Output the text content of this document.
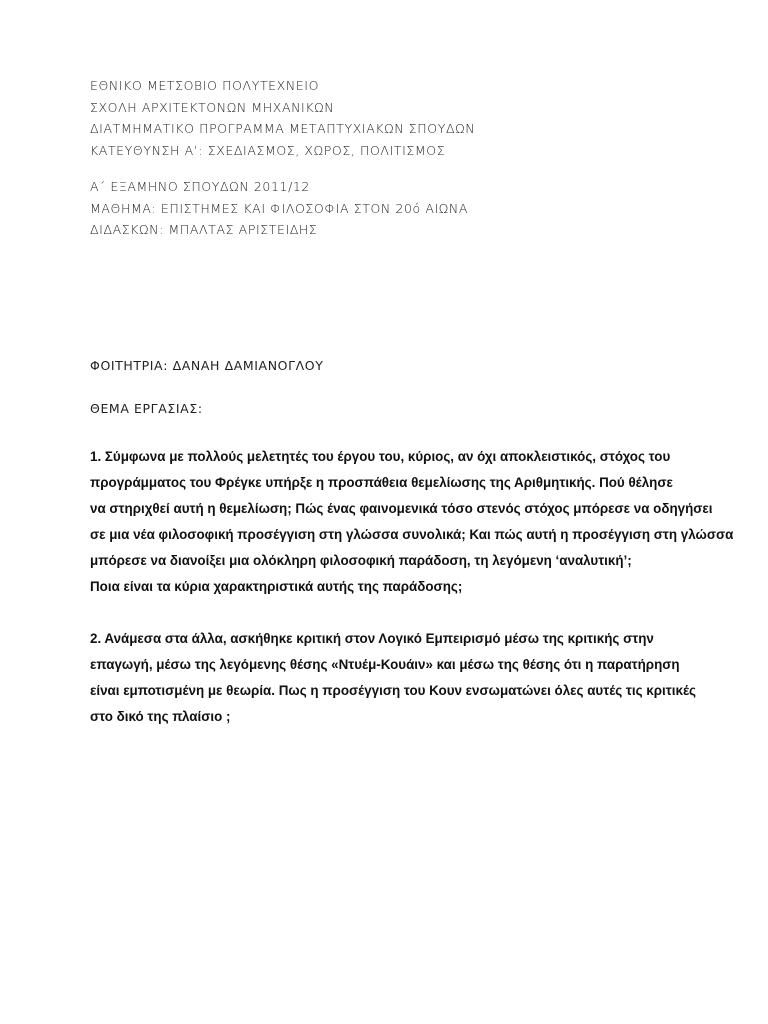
ΕΘΝΙΚΟ ΜΕΤΣΟΒΙΟ ΠΟΛΥΤΕΧΝΕΙΟ
ΣΧΟΛΗ ΑΡΧΙΤΕΚΤΟΝΩΝ ΜΗΧΑΝΙΚΩΝ
ΔΙΑΤΜΗΜΑΤΙΚΟ ΠΡΟΓΡΑΜΜΑ ΜΕΤΑΠΤΥΧΙΑΚΩΝ ΣΠΟΥΔΩΝ
ΚΑΤΕΥΘΥΝΣΗ Α’: ΣΧΕΔΙΑΣΜΟΣ, ΧΩΡΟΣ, ΠΟΛΙΤΙΣΜΟΣ
Α΄ ΕΞΑΜΗΝΟ ΣΠΟΥΔΩΝ 2011/12
ΜΑΘΗΜΑ: ΕΠΙΣΤΗΜΕΣ ΚΑΙ ΦΙΛΟΣΟΦΙΑ ΣΤΟΝ 20ό ΑΙΩΝΑ
ΔΙΔΑΣΚΩΝ: ΜΠΑΛΤΑΣ ΑΡΙΣΤΕΙΔΗΣ
ΦΟΙΤΗΤΡΙΑ: ΔΑΝΑΗ ΔΑΜΙΑΝΟΓΛΟΥ
ΘΕΜΑ ΕΡΓΑΣΙΑΣ:
1. Σύμφωνα με πολλούς μελετητές του έργου του, κύριος, αν όχι αποκλειστικός, στόχος του
προγράμματος του Φρέγκε υπήρξε η προσπάθεια θεμελίωσης της Αριθμητικής. Πού θέλησε
να στηριχθεί αυτή η θεμελίωση; Πώς ένας φαινομενικά τόσο στενός στόχος μπόρεσε να οδηγήσει
σε μια νέα φιλοσοφική προσέγγιση στη γλώσσα συνολικά; Και πώς αυτή η προσέγγιση στη γλώσσα
μπόρεσε να διανοίξει μια ολόκληρη φιλοσοφική παράδοση, τη λεγόμενη ‘αναλυτική’;
Ποια είναι τα κύρια χαρακτηριστικά αυτής της παράδοσης;
2. Ανάμεσα στα άλλα, ασκήθηκε κριτική στον Λογικό Εμπειρισμό μέσω της κριτικής στην
επαγωγή, μέσω της λεγόμενης θέσης «Ντυέμ-Κουάιν» και μέσω της θέσης ότι η παρατήρηση
είναι εμποτισμένη με θεωρία. Πως η προσέγγιση του Κουν ενσωματώνει όλες αυτές τις κριτικές
στο δικό της πλαίσιο ;
